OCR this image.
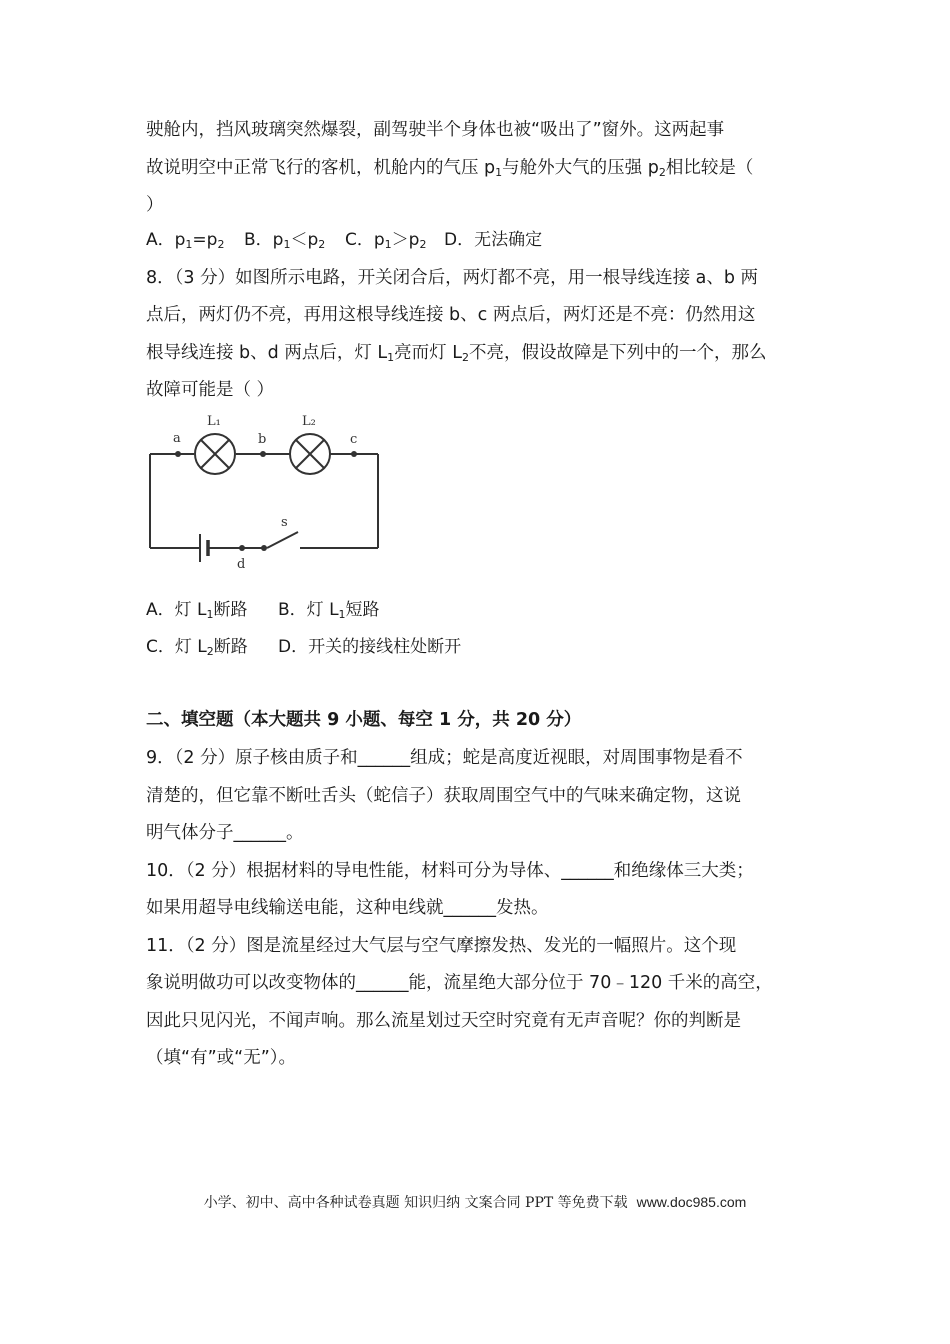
驶舱内，挡风玻璃突然爆裂，副驾驶半个身体也被“吸出了”窗外。这两起事
故说明空中正常飞行的客机，机舱内的气压 $p_1$与舱外大气的压强 $p_2$相比较是（
）
A．$p_1=p_2$ B．$p_1<p_2$ C．$p_1>p_2$ D．无法确定
8．（3 分）如图所示电路，开关闭合后，两灯都不亮，用一根导线连接 a、b 两
点后，两灯仍不亮，再用这根导线连接 b、c 两点后，两灯还是不亮：仍然用这
根导线连接 b、d 两点后，灯 $L_1$亮而灯 $L_2$不亮，假设故障是下列中的一个，那么
故障可能是（ ）
a	b	c
d
s
L₁	L₂
A．灯 $L_1$断路 B．灯 $L_1$短路
C．灯 $L_2$断路 D．开关的接线柱处断开
二、填空题（本大题共 9 小题、每空 1 分，共 20 分）
9．（2 分）原子核由质子和______组成；蛇是高度近视眼，对周围事物是看不
清楚的，但它靠不断吐舌头（蛇信子）获取周围空气中的气味来确定物，这说
明气体分子______。
10．（2 分）根据材料的导电性能，材料可分为导体、______和绝缘体三大类；
如果用超导电线输送电能，这种电线就______发热。
11．（2 分）图是流星经过大气层与空气摩擦发热、发光的一幅照片。这个现
象说明做功可以改变物体的______能，流星绝大部分位于 70﹣120 千米的高空，
因此只见闪光，不闻声响。那么流星划过天空时究竟有无声音呢？你的判断是
（填“有”或“无”）。
小学、初中、高中各种试卷真题 知识归纳 文案合同 PPT 等免费下载 www.doc985.com
